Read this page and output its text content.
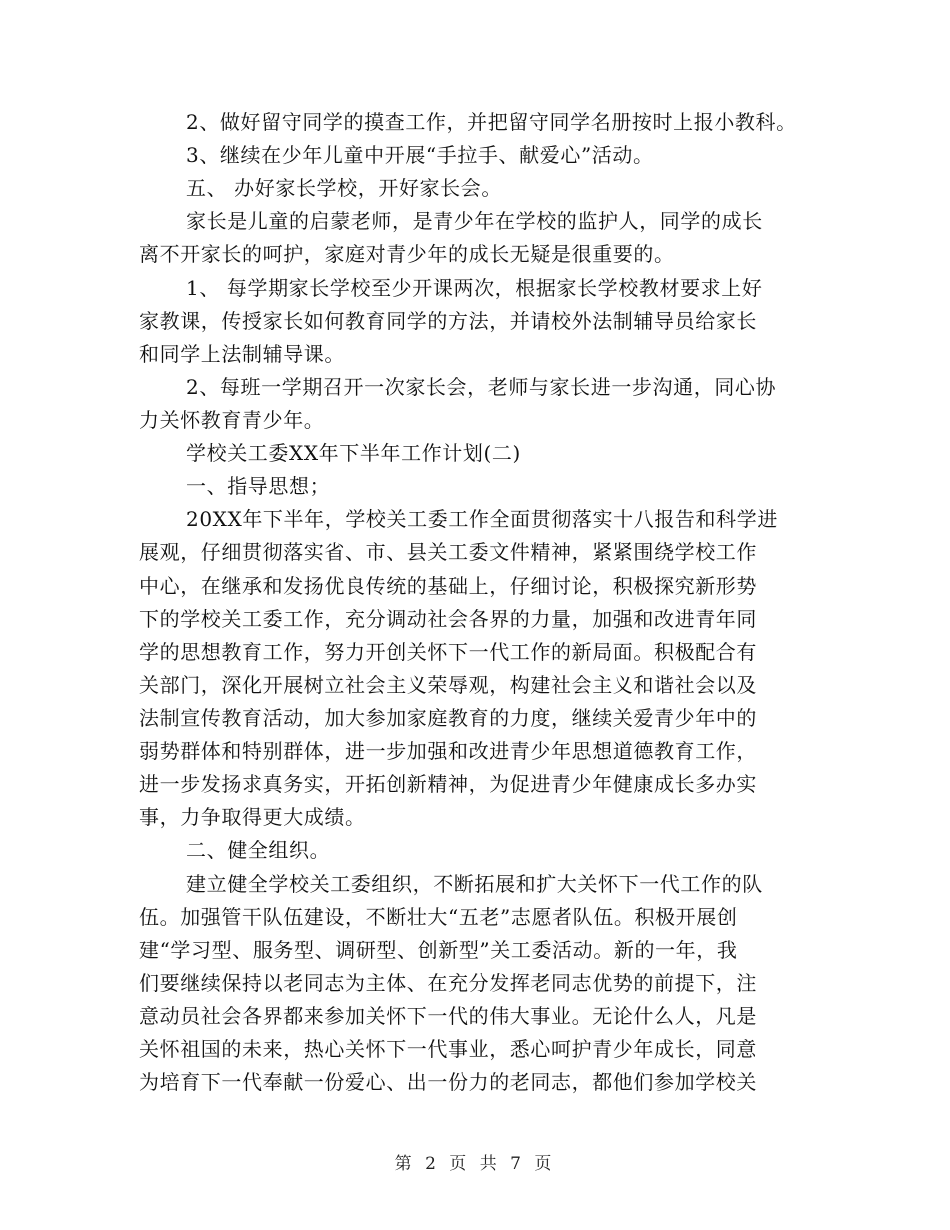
2、做好留守同学的摸查工作，并把留守同学名册按时上报小教科。
3、继续在少年儿童中开展“手拉手、献爱心”活动。
五、 办好家长学校，开好家长会。
家长是儿童的启蒙老师，是青少年在学校的监护人，同学的成长
离不开家长的呵护，家庭对青少年的成长无疑是很重要的。
1、 每学期家长学校至少开课两次，根据家长学校教材要求上好
家教课，传授家长如何教育同学的方法，并请校外法制辅导员给家长
和同学上法制辅导课。
2、每班一学期召开一次家长会，老师与家长进一步沟通，同心协
力关怀教育青少年。
学校关工委XX年下半年工作计划(二)
一、指导思想；
20XX年下半年，学校关工委工作全面贯彻落实十八报告和科学进
展观，仔细贯彻落实省、市、县关工委文件精神，紧紧围绕学校工作
中心，在继承和发扬优良传统的基础上，仔细讨论，积极探究新形势
下的学校关工委工作，充分调动社会各界的力量，加强和改进青年同
学的思想教育工作，努力开创关怀下一代工作的新局面。积极配合有
关部门，深化开展树立社会主义荣辱观，构建社会主义和谐社会以及
法制宣传教育活动，加大参加家庭教育的力度，继续关爱青少年中的
弱势群体和特别群体，进一步加强和改进青少年思想道德教育工作，
进一步发扬求真务实，开拓创新精神，为促进青少年健康成长多办实
事，力争取得更大成绩。
二、健全组织。
建立健全学校关工委组织，不断拓展和扩大关怀下一代工作的队
伍。加强管干队伍建设，不断壮大“五老”志愿者队伍。积极开展创
建“学习型、服务型、调研型、创新型”关工委活动。新的一年，我
们要继续保持以老同志为主体、在充分发挥老同志优势的前提下，注
意动员社会各界都来参加关怀下一代的伟大事业。无论什么人，凡是
关怀祖国的未来，热心关怀下一代事业，悉心呵护青少年成长，同意
为培育下一代奉献一份爱心、出一份力的老同志，都他们参加学校关
第 2 页 共 7 页
